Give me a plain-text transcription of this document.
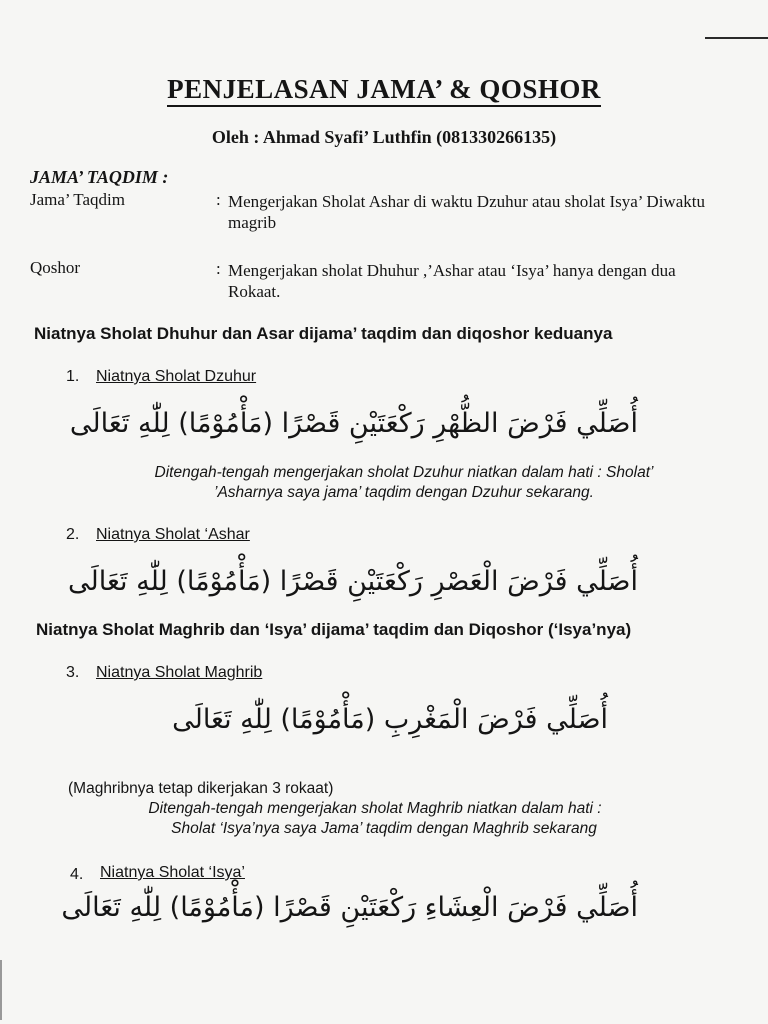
PENJELASAN JAMA’ & QOSHOR
Oleh : Ahmad Syafi’ Luthfin (081330266135)
JAMA’ TAQDIM :
Jama’ Taqdim	: Mengerjakan Sholat Ashar di waktu Dzuhur atau sholat Isya’ Diwaktu magrib
Qoshor	: Mengerjakan sholat Dhuhur ,’Ashar atau ‘Isya’ hanya dengan dua Rokaat.
Niatnya Sholat Dhuhur dan Asar dijama’ taqdim dan diqoshor keduanya
1. Niatnya Sholat Dzuhur
أُصَلِّي فَرْضَ الظُّهْرِ رَكْعَتَيْنِ قَصْرًا (مَأْمُوْمًا) لِلّٰهِ تَعَالَى
Ditengah-tengah mengerjakan sholat Dzuhur niatkan dalam hati : Sholat’
’Asharnya saya jama’ taqdim dengan Dzuhur sekarang.
2. Niatnya Sholat ‘Ashar
أُصَلِّي فَرْضَ الْعَصْرِ رَكْعَتَيْنِ قَصْرًا (مَأْمُوْمًا) لِلّٰهِ تَعَالَى
Niatnya Sholat Maghrib dan ‘Isya’ dijama’ taqdim dan Diqoshor (‘Isya’nya)
3. Niatnya Sholat Maghrib
أُصَلِّي فَرْضَ الْمَغْرِبِ (مَأْمُوْمًا) لِلّٰهِ تَعَالَى
(Maghribnya tetap dikerjakan 3 rokaat)
Ditengah-tengah mengerjakan sholat Maghrib niatkan dalam hati :
Sholat ‘Isya’nya saya Jama’ taqdim dengan Maghrib sekarang
4. Niatnya Sholat ‘Isya’
أُصَلِّي فَرْضَ الْعِشَاءِ رَكْعَتَيْنِ قَصْرًا (مَأْمُوْمًا) لِلّٰهِ تَعَالَى
